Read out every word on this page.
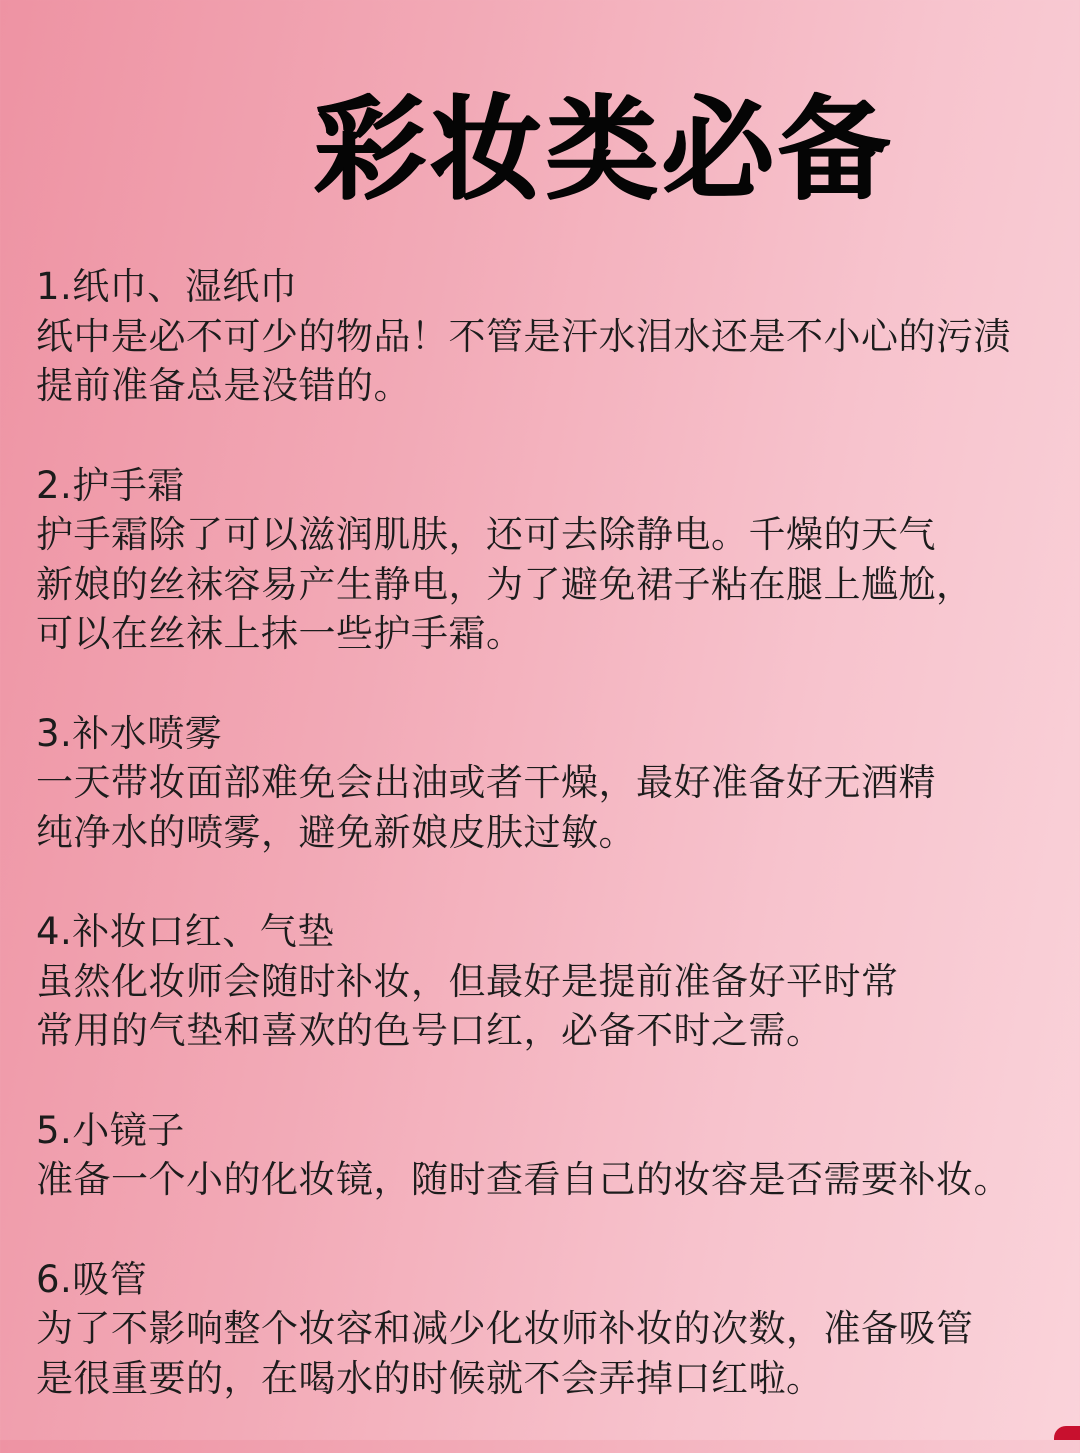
彩妆类必备
1.纸巾、湿纸巾
纸中是必不可少的物品！不管是汗水泪水还是不小心的污渍
提前准备总是没错的。
2.护手霜
护手霜除了可以滋润肌肤，还可去除静电。千燥的天气
新娘的丝袜容易产生静电，为了避免裙子粘在腿上尴尬，
可以在丝袜上抹一些护手霜。
3.补水喷雾
一天带妆面部难免会出油或者干燥，最好准备好无酒精
纯净水的喷雾，避免新娘皮肤过敏。
4.补妆口红、气垫
虽然化妆师会随时补妆，但最好是提前准备好平时常
常用的气垫和喜欢的色号口红，必备不时之需。
5.小镜子
准备一个小的化妆镜，随时查看自己的妆容是否需要补妆。
6.吸管
为了不影响整个妆容和减少化妆师补妆的次数，准备吸管
是很重要的，在喝水的时候就不会弄掉口红啦。
